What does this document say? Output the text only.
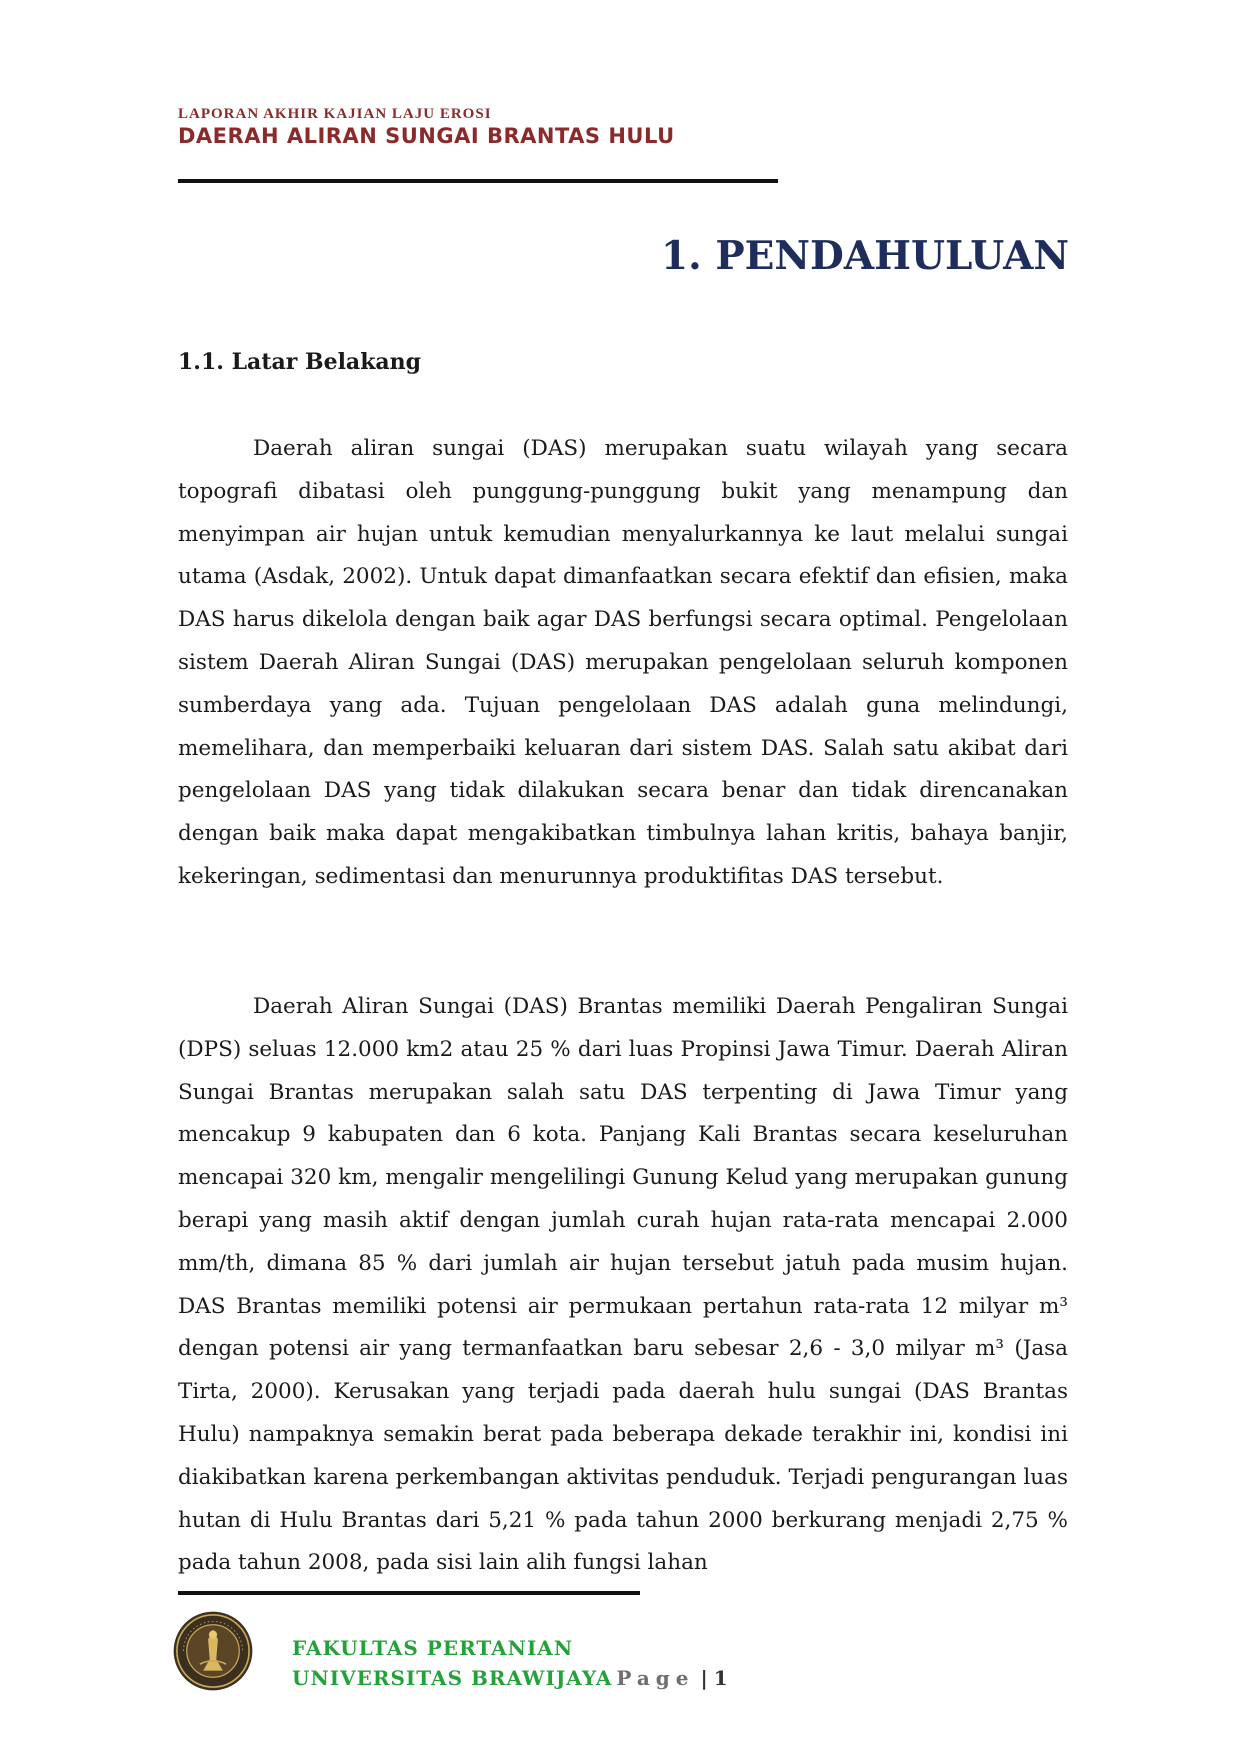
LAPORAN AKHIR KAJIAN LAJU EROSI
DAERAH ALIRAN SUNGAI BRANTAS HULU
1. PENDAHULUAN
1.1. Latar Belakang

Daerah aliran sungai (DAS) merupakan suatu wilayah yang secara topografi dibatasi oleh punggung-punggung bukit yang menampung dan menyimpan air hujan untuk kemudian menyalurkannya ke laut melalui sungai utama (Asdak, 2002). Untuk dapat dimanfaatkan secara efektif dan efisien, maka DAS harus dikelola dengan baik agar DAS berfungsi secara optimal. Pengelolaan sistem Daerah Aliran Sungai (DAS) merupakan pengelolaan seluruh komponen sumberdaya yang ada. Tujuan pengelolaan DAS adalah guna melindungi, memelihara, dan memperbaiki keluaran dari sistem DAS. Salah satu akibat dari pengelolaan DAS yang tidak dilakukan secara benar dan tidak direncanakan dengan baik maka dapat mengakibatkan timbulnya lahan kritis, bahaya banjir, kekeringan, sedimentasi dan menurunnya produktifitas DAS tersebut.

Daerah Aliran Sungai (DAS) Brantas memiliki Daerah Pengaliran Sungai (DPS) seluas 12.000 km2 atau 25 % dari luas Propinsi Jawa Timur. Daerah Aliran Sungai Brantas merupakan salah satu DAS terpenting di Jawa Timur yang mencakup 9 kabupaten dan 6 kota. Panjang Kali Brantas secara keseluruhan mencapai 320 km, mengalir mengelilingi Gunung Kelud yang merupakan gunung berapi yang masih aktif dengan jumlah curah hujan rata-rata mencapai 2.000 mm/th, dimana 85 % dari jumlah air hujan tersebut jatuh pada musim hujan. DAS Brantas memiliki potensi air permukaan pertahun rata-rata 12 milyar m³ dengan potensi air yang termanfaatkan baru sebesar 2,6 - 3,0 milyar m³ (Jasa Tirta, 2000). Kerusakan yang terjadi pada daerah hulu sungai (DAS Brantas Hulu) nampaknya semakin berat pada beberapa dekade terakhir ini, kondisi ini diakibatkan karena perkembangan aktivitas penduduk. Terjadi pengurangan luas hutan di Hulu Brantas dari 5,21 % pada tahun 2000 berkurang menjadi 2,75 % pada tahun 2008, pada sisi lain alih fungsi lahan

FAKULTAS PERTANIAN
UNIVERSITAS BRAWIJAYA Page | 1
